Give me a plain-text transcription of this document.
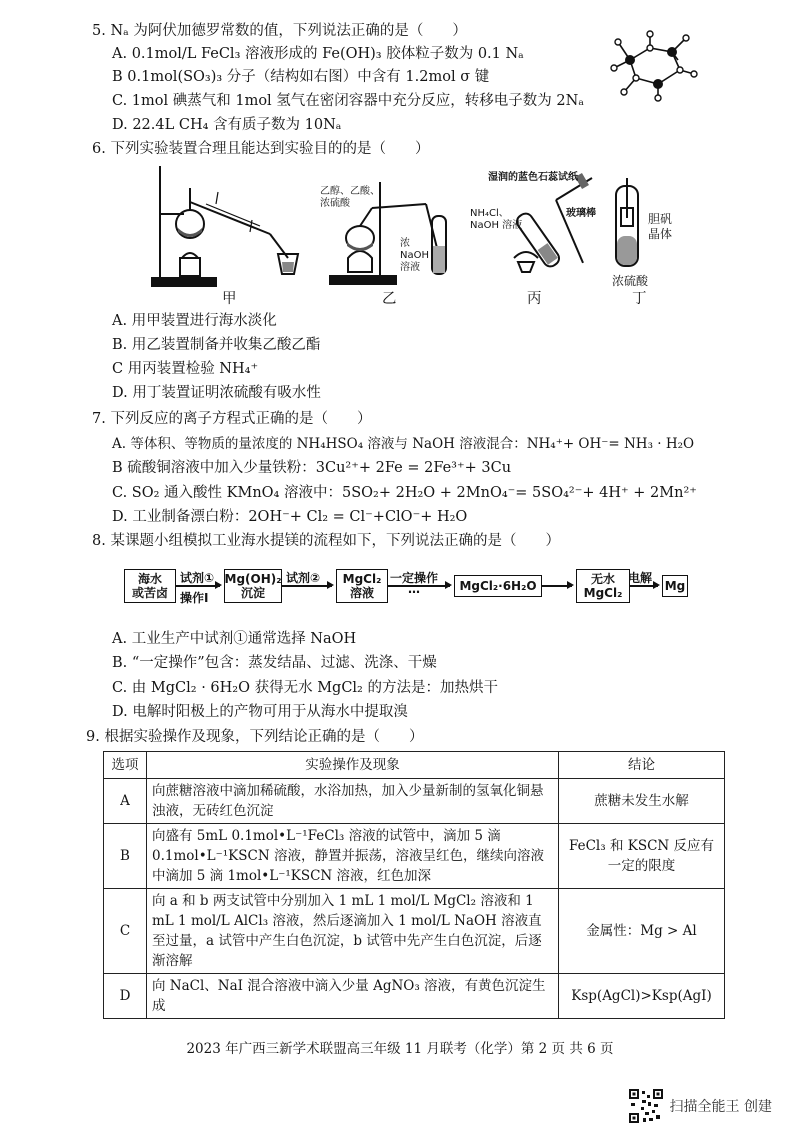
5. Nₐ 为阿伏加德罗常数的值，下列说法正确的是（　　）
A. 0.1mol/L FeCl₃ 溶液形成的 Fe(OH)₃ 胶体粒子数为 0.1 Nₐ
B 0.1mol(SO₃)₃ 分子（结构如右图）中含有 1.2mol σ 键
C. 1mol 碘蒸气和 1mol 氢气在密闭容器中充分反应，转移电子数为 2Nₐ
D. 22.4L CH₄ 含有质子数为 10Nₐ
6. 下列实验装置合理且能达到实验目的的是（　　）
甲
乙醇、乙酸、浓硫酸
浓NaOH溶液
乙
湿润的蓝色石蕊试纸
NH₄Cl、NaOH 溶液
玻璃棒
丙
胆矾晶体
浓硫酸
丁
A. 用甲装置进行海水淡化
B. 用乙装置制备并收集乙酸乙酯
C 用丙装置检验 NH₄⁺
D. 用丁装置证明浓硫酸有吸水性
7. 下列反应的离子方程式正确的是（　　）
A. 等体积、等物质的量浓度的 NH₄HSO₄ 溶液与 NaOH 溶液混合：NH₄⁺+ OH⁻= NH₃ · H₂O
B 硫酸铜溶液中加入少量铁粉：3Cu²⁺+ 2Fe = 2Fe³⁺+ 3Cu
C. SO₂ 通入酸性 KMnO₄ 溶液中：5SO₂+ 2H₂O + 2MnO₄⁻= 5SO₄²⁻+ 4H⁺ + 2Mn²⁺
D. 工业制备漂白粉：2OH⁻+ Cl₂ = Cl⁻+ClO⁻+ H₂O
8. 某课题小组模拟工业海水提镁的流程如下，下列说法正确的是（　　）
海水
或苦卤
试剂①
操作I
Mg(OH)₂
沉淀
试剂②	MgCl₂
溶液
一定操作
…	MgCl₂·6H₂O	无水
MgCl₂
电解
Mg
A. 工业生产中试剂①通常选择 NaOH
B. “一定操作”包含：蒸发结晶、过滤、洗涤、干燥
C. 由 MgCl₂ · 6H₂O 获得无水 MgCl₂ 的方法是：加热烘干
D. 电解时阳极上的产物可用于从海水中提取溴
9. 根据实验操作及现象，下列结论正确的是（　　）
选项	实验操作及现象	结论
A	向蔗糖溶液中滴加稀硫酸，水浴加热，加入少量新制的氢氧化铜悬浊液，无砖红色沉淀	蔗糖未发生水解
B	向盛有 5mL 0.1mol•L⁻¹FeCl₃ 溶液的试管中，滴加 5 滴 0.1mol•L⁻¹KSCN 溶液，静置并振荡，溶液呈红色，继续向溶液中滴加 5 滴 1mol•L⁻¹KSCN 溶液，红色加深	FeCl₃ 和 KSCN 反应有一定的限度
C	向 a 和 b 两支试管中分别加入 1 mL 1 mol/L MgCl₂ 溶液和 1 mL 1 mol/L AlCl₃ 溶液，然后逐滴加入 1 mol/L NaOH 溶液直至过量，a 试管中产生白色沉淀，b 试管中先产生白色沉淀，后逐渐溶解	金属性：Mg > Al
D	向 NaCl、NaI 混合溶液中滴入少量 AgNO₃ 溶液，有黄色沉淀生成	Ksp(AgCl)>Ksp(AgI)
2023 年广西三新学术联盟高三年级 11 月联考（化学）第 2 页 共 6 页
扫描全能王 创建
